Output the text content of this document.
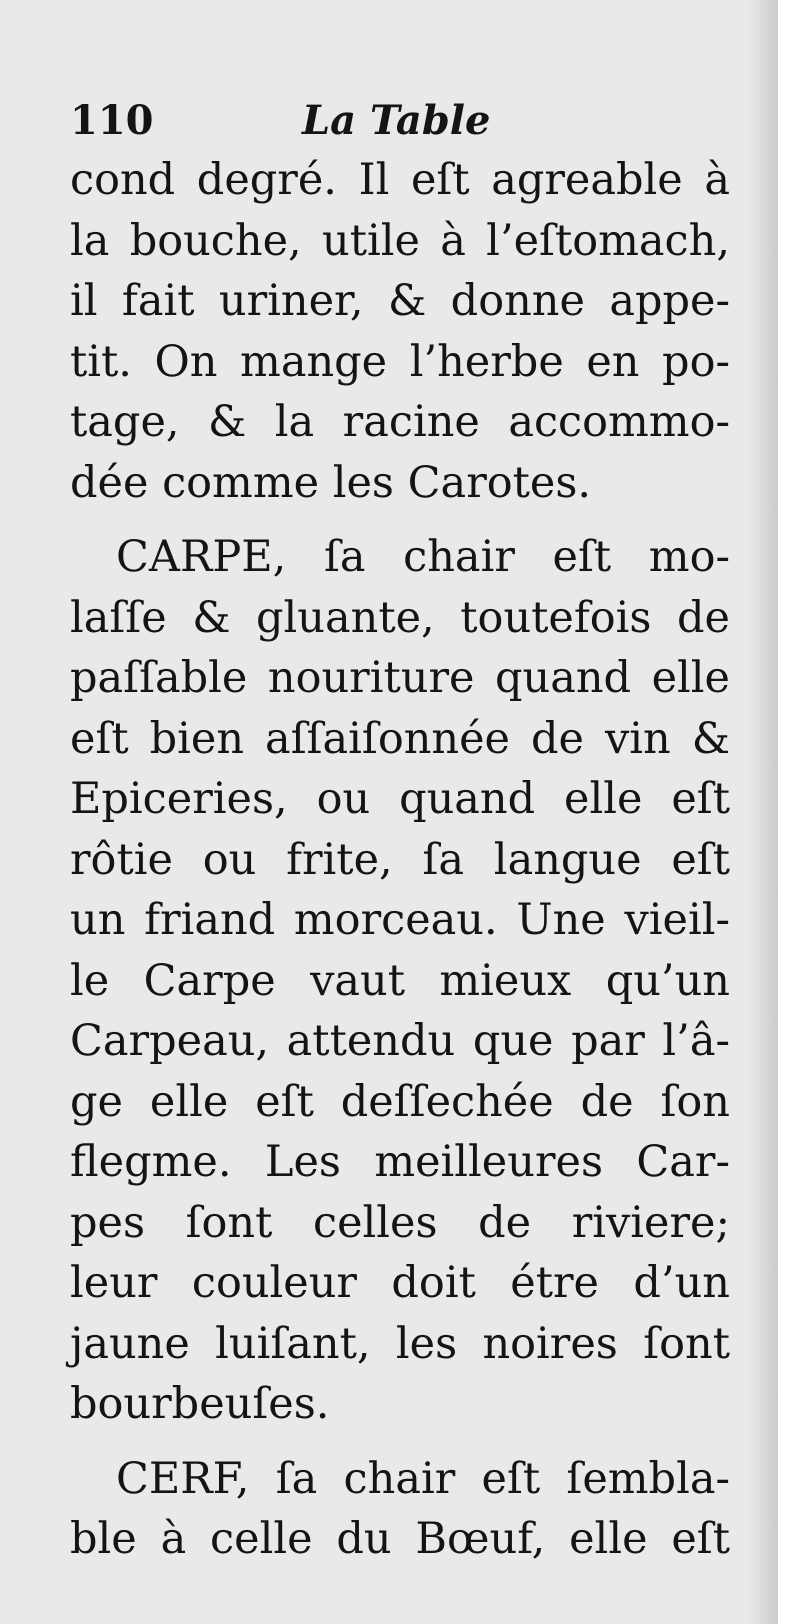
110	La Table
cond degré. Il eſt agreable à
la bouche, utile à l’eſtomach,
il fait uriner, & donne appe-
tit. On mange l’herbe en po-
tage, & la racine accommo-
dée comme les Carotes.
CARPE, ſa chair eſt mo-
laſſe & gluante, toutefois de
paſſable nouriture quand elle
eſt bien aſſaiſonnée de vin &
Epiceries, ou quand elle eſt
rôtie ou frite, ſa langue eſt
un friand morceau. Une vieil-
le Carpe vaut mieux qu’un
Carpeau, attendu que par l’â-
ge elle eſt deſſechée de ſon
flegme. Les meilleures Car-
pes ſont celles de riviere;
leur couleur doit étre d’un
jaune luiſant, les noires ſont
bourbeuſes.
CERF, ſa chair eſt ſembla-
ble à celle du Bœuf, elle eſt
